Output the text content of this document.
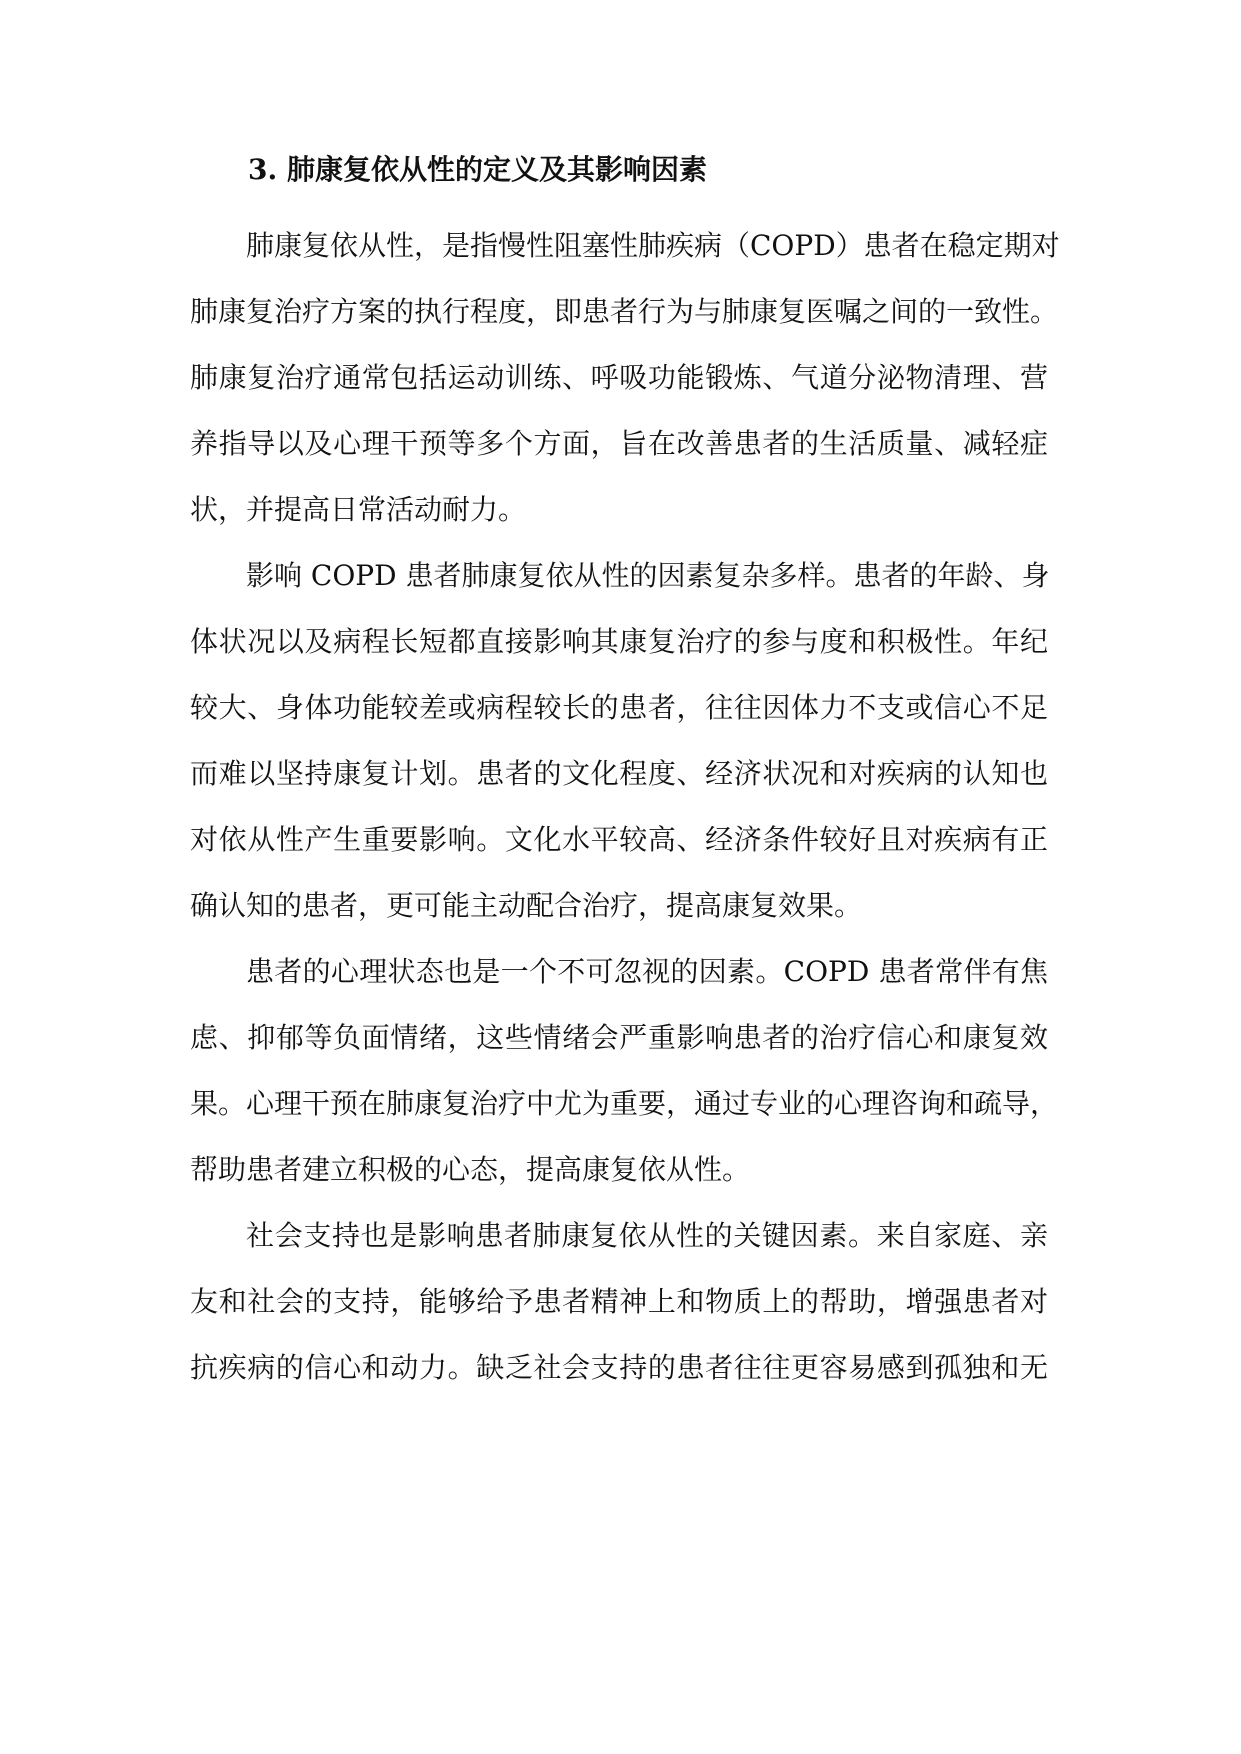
3. 肺康复依从性的定义及其影响因素
肺康复依从性，是指慢性阻塞性肺疾病（COPD）患者在稳定期对
肺康复治疗方案的执行程度，即患者行为与肺康复医嘱之间的一致性。
肺康复治疗通常包括运动训练、呼吸功能锻炼、气道分泌物清理、营
养指导以及心理干预等多个方面，旨在改善患者的生活质量、减轻症
状，并提高日常活动耐力。
影响 COPD 患者肺康复依从性的因素复杂多样。患者的年龄、身
体状况以及病程长短都直接影响其康复治疗的参与度和积极性。年纪
较大、身体功能较差或病程较长的患者，往往因体力不支或信心不足
而难以坚持康复计划。患者的文化程度、经济状况和对疾病的认知也
对依从性产生重要影响。文化水平较高、经济条件较好且对疾病有正
确认知的患者，更可能主动配合治疗，提高康复效果。
患者的心理状态也是一个不可忽视的因素。COPD 患者常伴有焦
虑、抑郁等负面情绪，这些情绪会严重影响患者的治疗信心和康复效
果。心理干预在肺康复治疗中尤为重要，通过专业的心理咨询和疏导，
帮助患者建立积极的心态，提高康复依从性。
社会支持也是影响患者肺康复依从性的关键因素。来自家庭、亲
友和社会的支持，能够给予患者精神上和物质上的帮助，增强患者对
抗疾病的信心和动力。缺乏社会支持的患者往往更容易感到孤独和无
